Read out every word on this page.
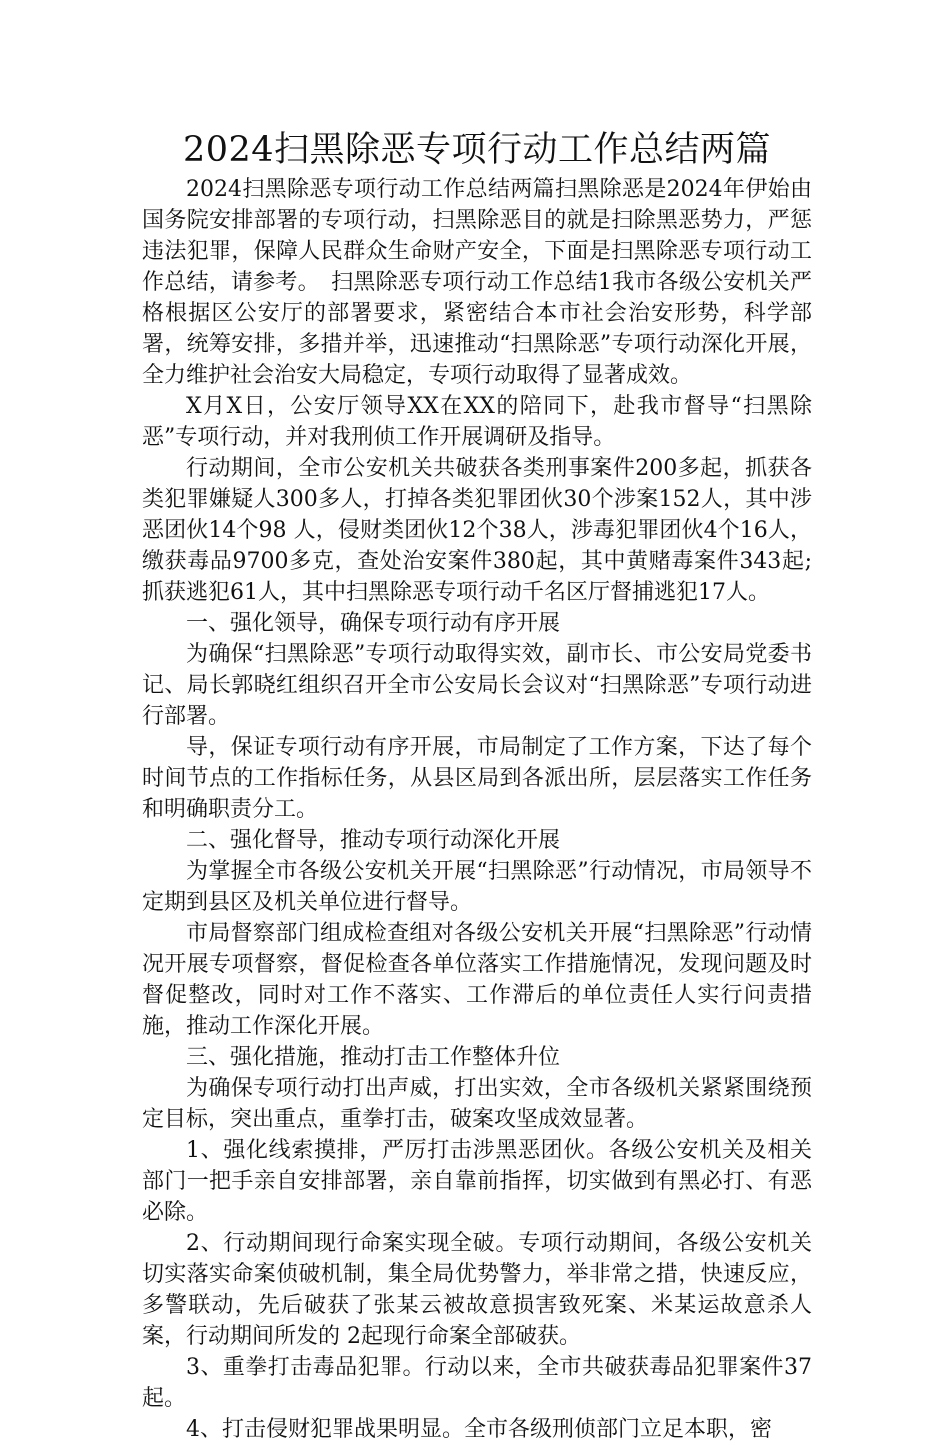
2024扫黑除恶专项行动工作总结两篇

2024扫黑除恶专项行动工作总结两篇扫黑除恶是2024年伊始由国务院安排部署的专项行动，扫黑除恶目的就是扫除黑恶势力，严惩违法犯罪，保障人民群众生命财产安全，下面是扫黑除恶专项行动工作总结，请参考。　扫黑除恶专项行动工作总结1我市各级公安机关严格根据区公安厅的部署要求，紧密结合本市社会治安形势，科学部署，统筹安排，多措并举，迅速推动“扫黑除恶”专项行动深化开展，全力维护社会治安大局稳定，专项行动取得了显著成效。

X月X日，公安厅领导XX在XX的陪同下，赴我市督导“扫黑除恶”专项行动，并对我刑侦工作开展调研及指导。

行动期间，全市公安机关共破获各类刑事案件200多起，抓获各类犯罪嫌疑人300多人，打掉各类犯罪团伙30个涉案152人，其中涉恶团伙14个98 人，侵财类团伙12个38人，涉毒犯罪团伙4个16人，缴获毒品9700多克，查处治安案件380起，其中黄赌毒案件343起;抓获逃犯61人，其中扫黑除恶专项行动千名区厅督捕逃犯17人。

一、强化领导，确保专项行动有序开展

为确保“扫黑除恶”专项行动取得实效，副市长、市公安局党委书记、局长郭晓红组织召开全市公安局长会议对“扫黑除恶”专项行动进行部署。

导，保证专项行动有序开展，市局制定了工作方案，下达了每个时间节点的工作指标任务，从县区局到各派出所，层层落实工作任务和明确职责分工。

二、强化督导，推动专项行动深化开展

为掌握全市各级公安机关开展“扫黑除恶”行动情况，市局领导不定期到县区及机关单位进行督导。

市局督察部门组成检查组对各级公安机关开展“扫黑除恶”行动情况开展专项督察，督促检查各单位落实工作措施情况，发现问题及时督促整改，同时对工作不落实、工作滞后的单位责任人实行问责措施，推动工作深化开展。

三、强化措施，推动打击工作整体升位

为确保专项行动打出声威，打出实效，全市各级机关紧紧围绕预定目标，突出重点，重拳打击，破案攻坚成效显著。

1、强化线索摸排，严厉打击涉黑恶团伙。各级公安机关及相关部门一把手亲自安排部署，亲自靠前指挥，切实做到有黑必打、有恶必除。

2、行动期间现行命案实现全破。专项行动期间，各级公安机关切实落实命案侦破机制，集全局优势警力，举非常之措，快速反应，多警联动，先后破获了张某云被故意损害致死案、米某运故意杀人案，行动期间所发的 2起现行命案全部破获。

3、重拳打击毒品犯罪。行动以来，全市共破获毒品犯罪案件37起。

4、打击侵财犯罪战果明显。全市各级刑侦部门立足本职，密
